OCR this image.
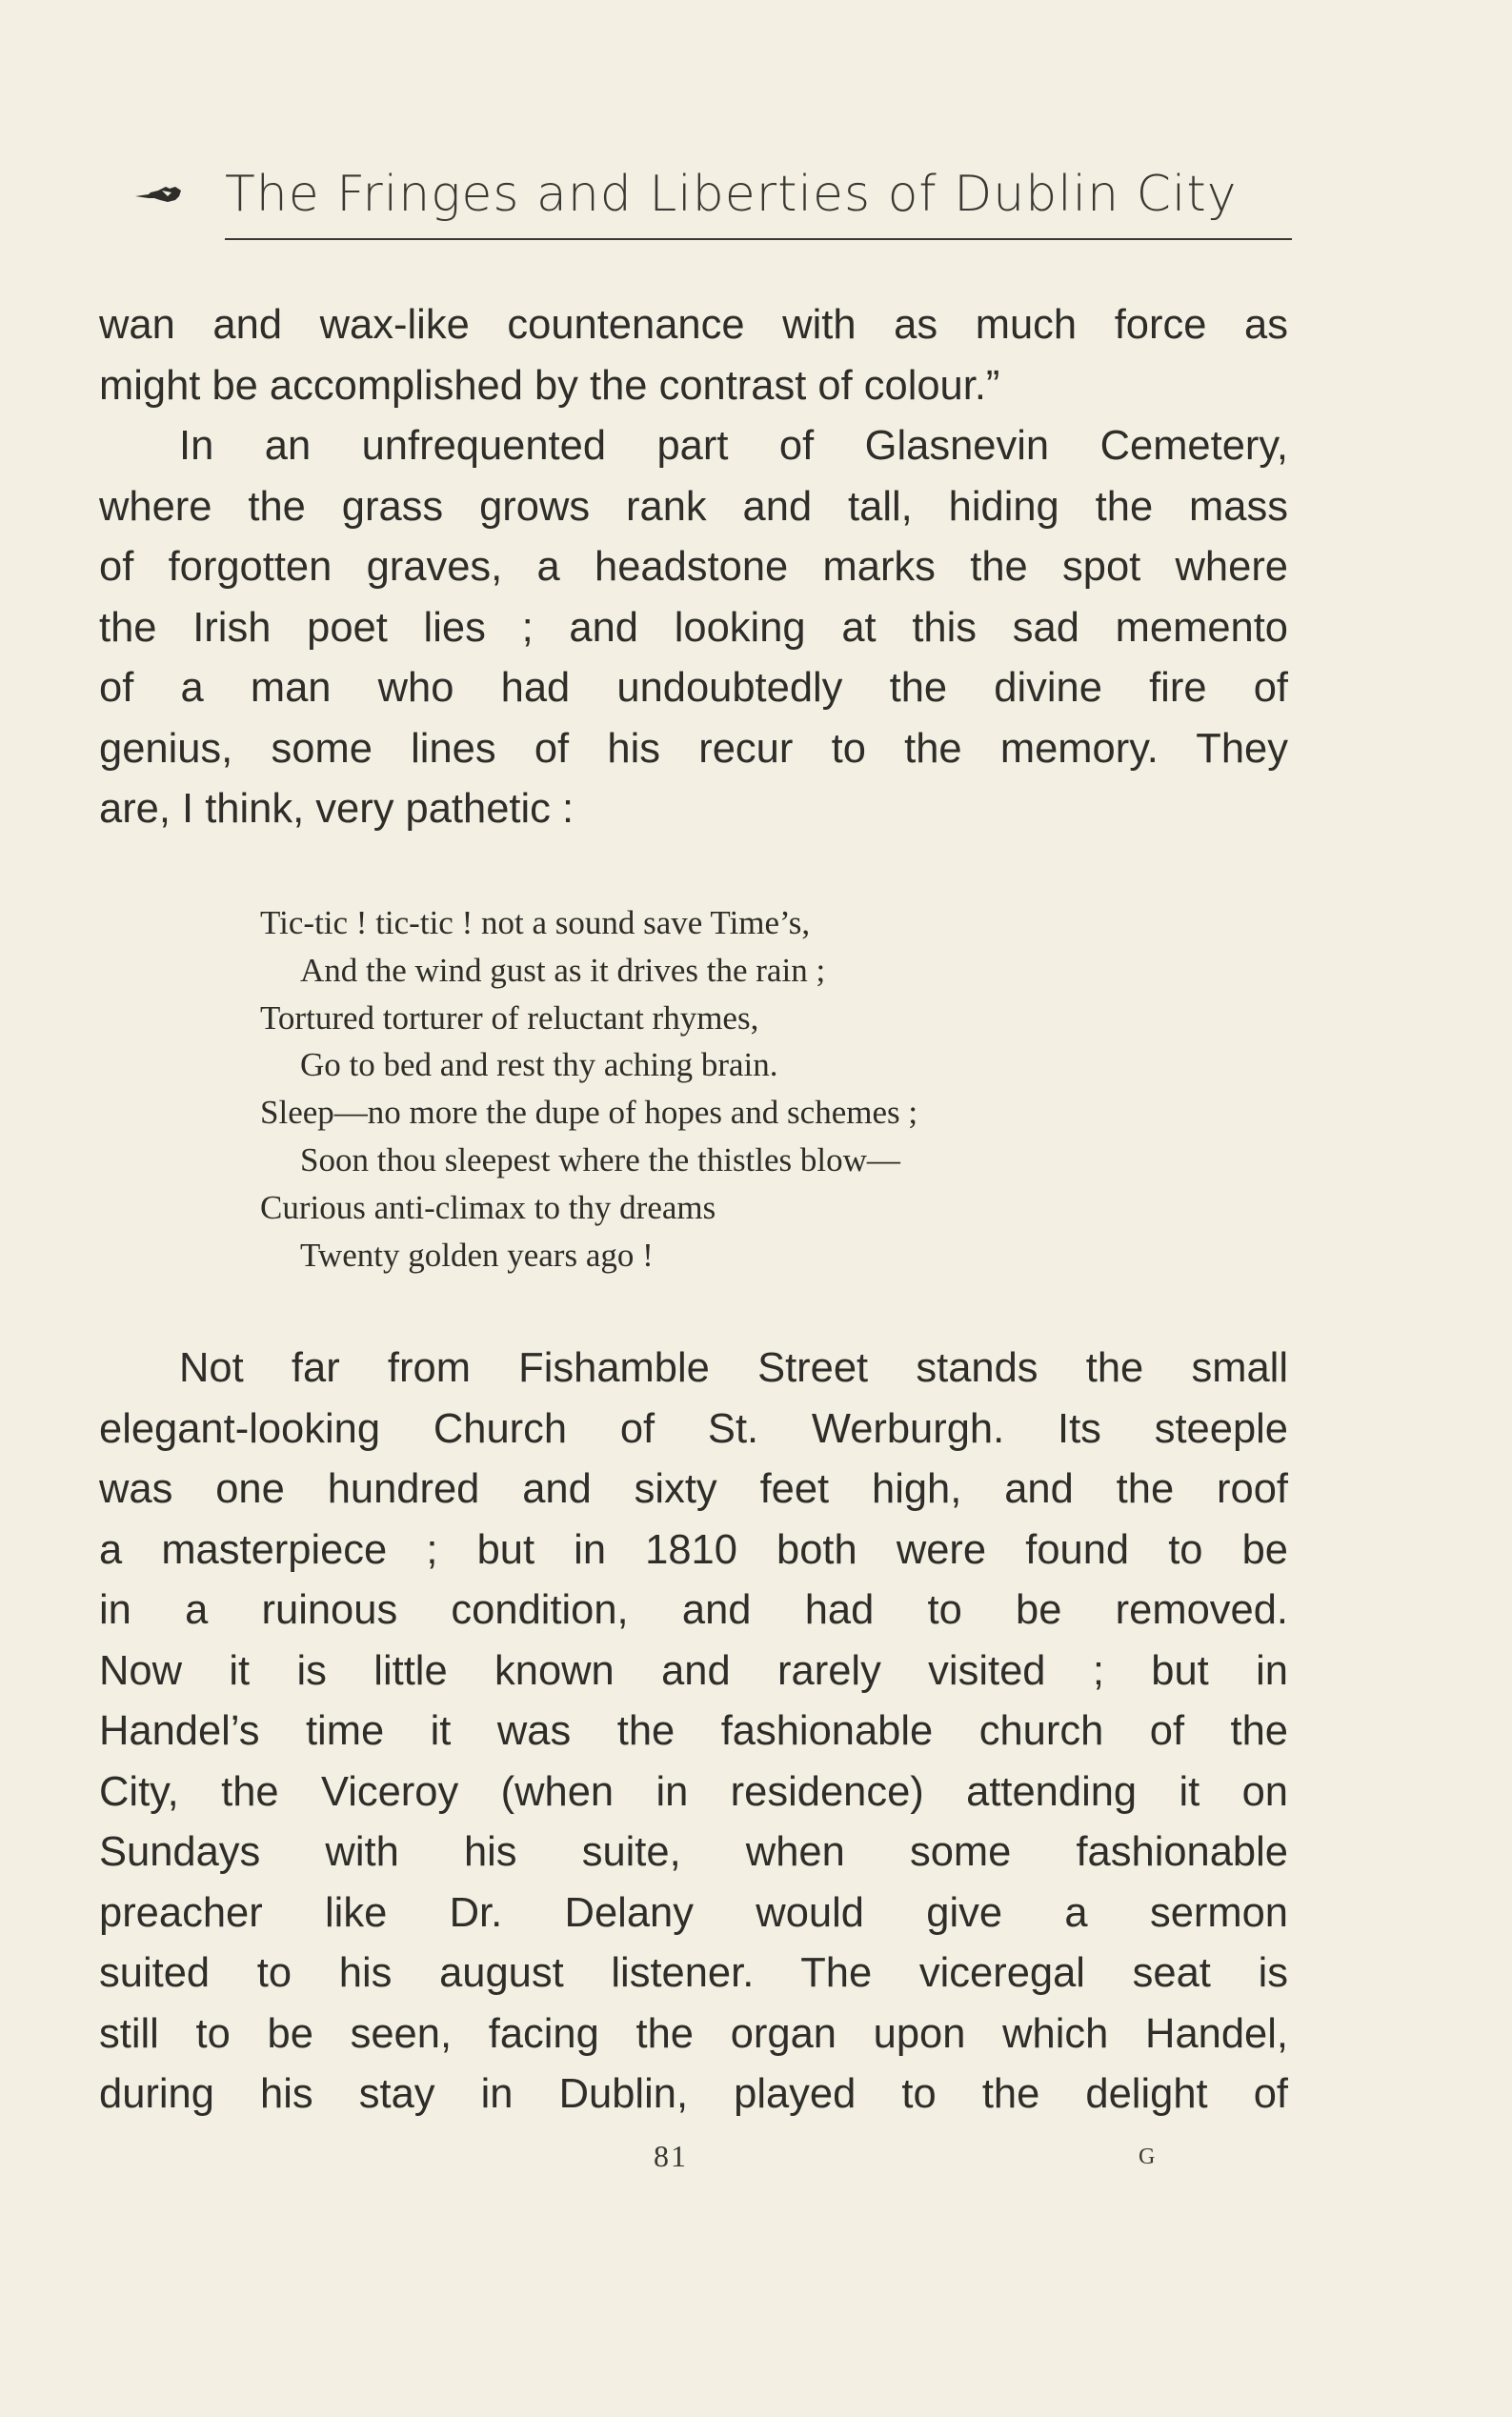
The Fringes and Liberties of Dublin City
wan and wax-like countenance with as much force as
might be accomplished by the contrast of colour.”
In an unfrequented part of Glasnevin Cemetery,
where the grass grows rank and tall, hiding the mass
of forgotten graves, a headstone marks the spot where
the Irish poet lies ; and looking at this sad memento
of a man who had undoubtedly the divine fire of
genius, some lines of his recur to the memory. They
are, I think, very pathetic :
Tic-tic ! tic-tic ! not a sound save Time’s,
And the wind gust as it drives the rain ;
Tortured torturer of reluctant rhymes,
Go to bed and rest thy aching brain.
Sleep—no more the dupe of hopes and schemes ;
Soon thou sleepest where the thistles blow—
Curious anti-climax to thy dreams
Twenty golden years ago !
Not far from Fishamble Street stands the small
elegant-looking Church of St. Werburgh. Its steeple
was one hundred and sixty feet high, and the roof
a masterpiece ; but in 1810 both were found to be
in a ruinous condition, and had to be removed.
Now it is little known and rarely visited ; but in
Handel’s time it was the fashionable church of the
City, the Viceroy (when in residence) attending it on
Sundays with his suite, when some fashionable
preacher like Dr. Delany would give a sermon
suited to his august listener. The viceregal seat is
still to be seen, facing the organ upon which Handel,
during his stay in Dublin, played to the delight of
81	G
